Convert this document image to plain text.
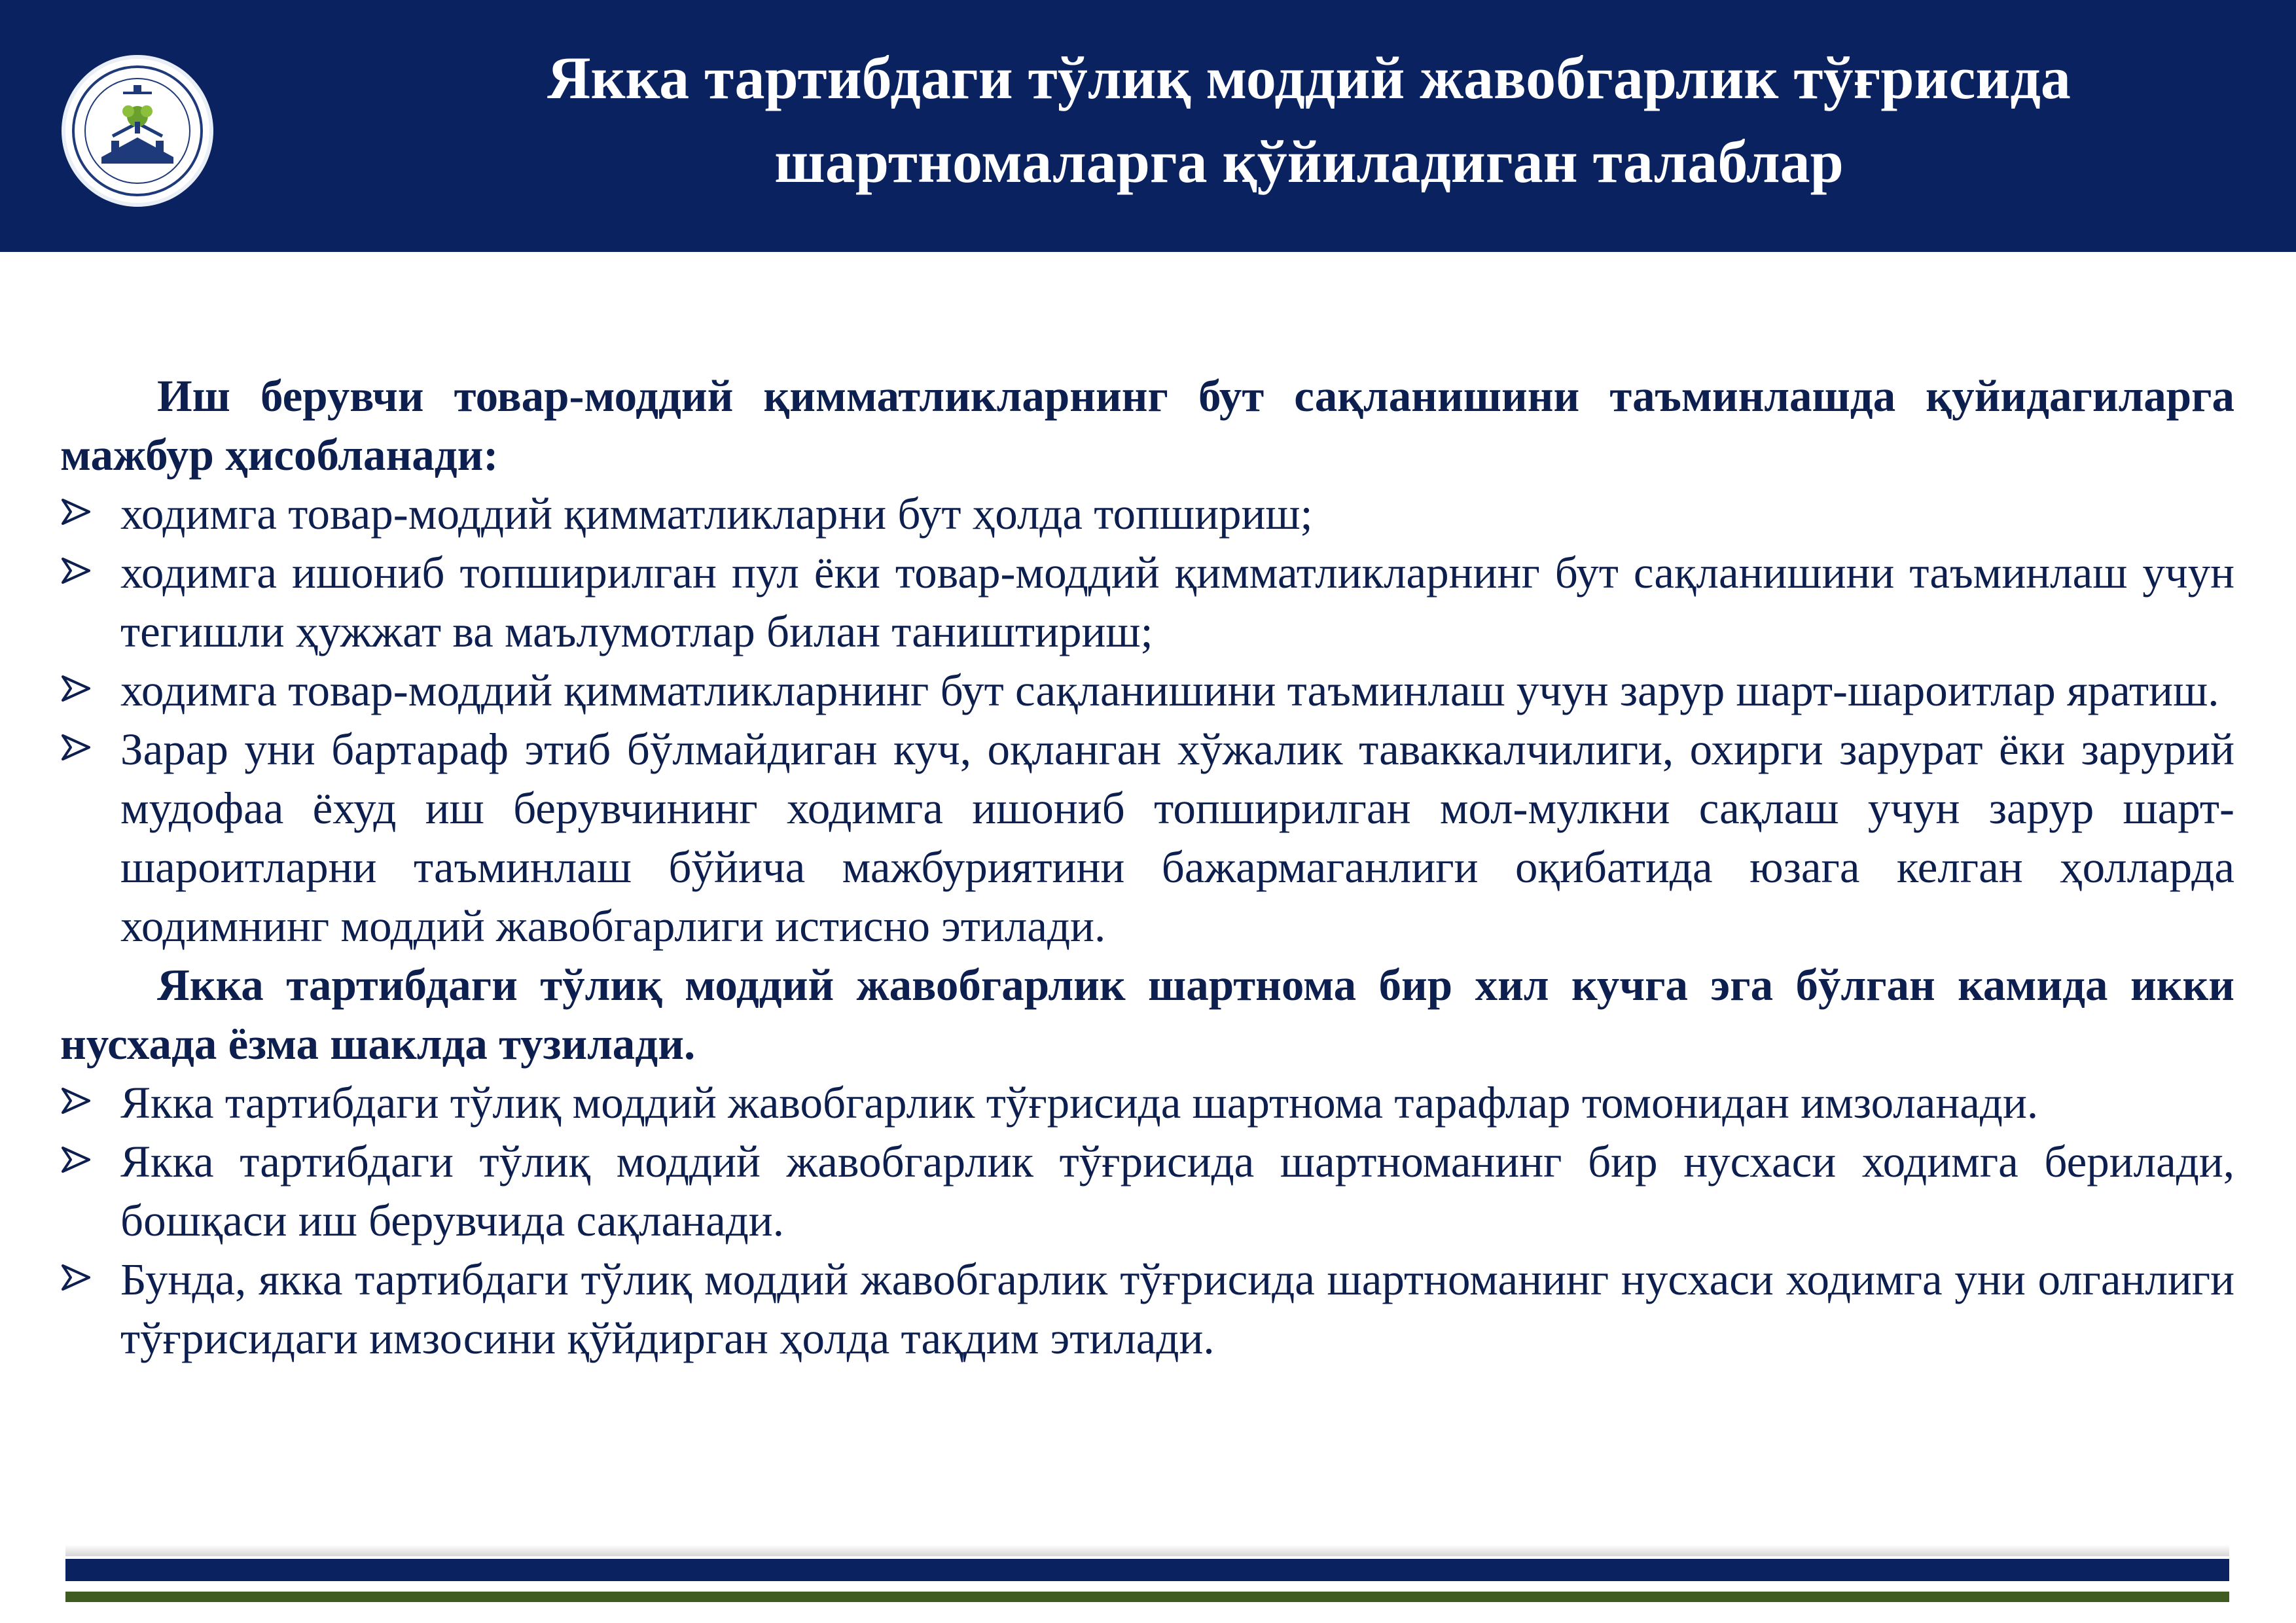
Якка тартибдаги тўлиқ моддий жавобгарлик тўғрисида
шартномаларга қўйиладиган талаблар

Иш берувчи товар-моддий қимматликларнинг бут сақланишини таъминлашда қуйидагиларга мажбур ҳисобланади:

ходимга товар-моддий қимматликларни бут ҳолда топшириш;
ходимга ишониб топширилган пул ёки товар-моддий қимматликларнинг бут сақланишини таъминлаш учун тегишли ҳужжат ва маълумотлар билан таништириш;
ходимга товар-моддий қимматликларнинг бут сақланишини таъминлаш учун зарур шарт-шароитлар яратиш.
Зарар уни бартараф этиб бўлмайдиган куч, оқланган хўжалик таваккалчилиги, охирги зарурат ёки зарурий мудофаа ёхуд иш берувчининг ходимга ишониб топширилган мол-мулкни сақлаш учун зарур шарт-шароитларни таъминлаш бўйича мажбуриятини бажармаганлиги оқибатида юзага келган ҳолларда ходимнинг моддий жавобгарлиги истисно этилади.

Якка тартибдаги тўлиқ моддий жавобгарлик шартнома бир хил кучга эга бўлган камида икки нусхада ёзма шаклда тузилади.

Якка тартибдаги тўлиқ моддий жавобгарлик тўғрисида шартнома тарафлар томонидан имзоланади.
Якка тартибдаги тўлиқ моддий жавобгарлик тўғрисида шартноманинг бир нусхаси ходимга берилади, бошқаси иш берувчида сақланади.
Бунда, якка тартибдаги тўлиқ моддий жавобгарлик тўғрисида шартноманинг нусхаси ходимга уни олганлиги тўғрисидаги имзосини қўйдирган ҳолда тақдим этилади.
